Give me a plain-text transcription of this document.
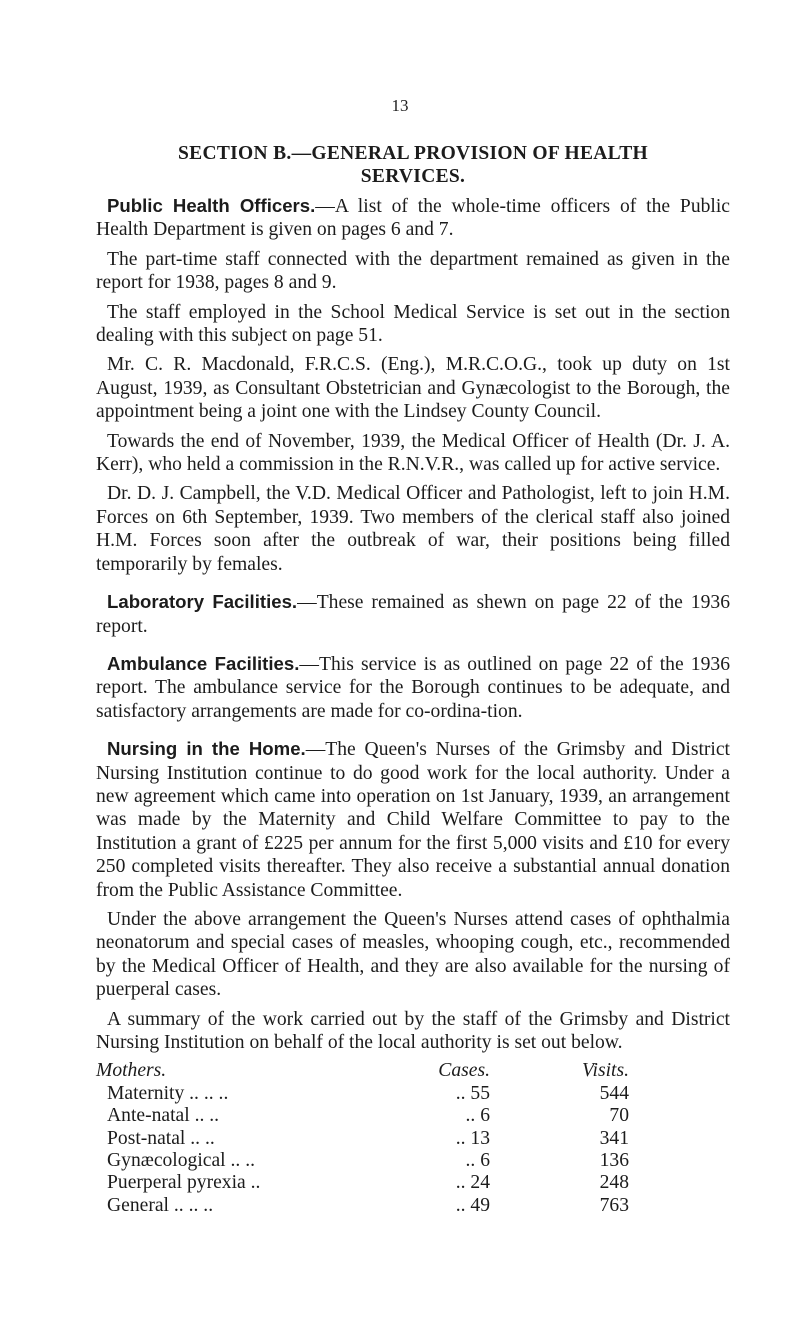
13
SECTION B.—GENERAL PROVISION OF HEALTH
SERVICES.

Public Health Officers.—A list of the whole-time officers of the Public Health Department is given on pages 6 and 7.

The part-time staff connected with the department remained as given in the report for 1938, pages 8 and 9.

The staff employed in the School Medical Service is set out in the section dealing with this subject on page 51.

Mr. C. R. Macdonald, F.R.C.S. (Eng.), M.R.C.O.G., took up duty on 1st August, 1939, as Consultant Obstetrician and Gynæcologist to the Borough, the appointment being a joint one with the Lindsey County Council.

Towards the end of November, 1939, the Medical Officer of Health (Dr. J. A. Kerr), who held a commission in the R.N.V.R., was called up for active service.

Dr. D. J. Campbell, the V.D. Medical Officer and Pathologist, left to join H.M. Forces on 6th September, 1939. Two members of the clerical staff also joined H.M. Forces soon after the outbreak of war, their positions being filled temporarily by females.

Laboratory Facilities.—These remained as shewn on page 22 of the 1936 report.

Ambulance Facilities.—This service is as outlined on page 22 of the 1936 report. The ambulance service for the Borough continues to be adequate, and satisfactory arrangements are made for co-ordina-tion.

Nursing in the Home.—The Queen's Nurses of the Grimsby and District Nursing Institution continue to do good work for the local authority. Under a new agreement which came into operation on 1st January, 1939, an arrangement was made by the Maternity and Child Welfare Committee to pay to the Institution a grant of £225 per annum for the first 5,000 visits and £10 for every 250 completed visits thereafter. They also receive a substantial annual donation from the Public Assistance Committee.

Under the above arrangement the Queen's Nurses attend cases of ophthalmia neonatorum and special cases of measles, whooping cough, etc., recommended by the Medical Officer of Health, and they are also available for the nursing of puerperal cases.

A summary of the work carried out by the staff of the Grimsby and District Nursing Institution on behalf of the local authority is set out below.

Mothers.	Cases.	Visits.
Maternity .. .. ..	.. 55	544
Ante-natal .. ..	.. 6	70
Post-natal .. ..	.. 13	341
Gynæcological .. ..	.. 6	136
Puerperal pyrexia ..	.. 24	248
General .. .. ..	.. 49	763
